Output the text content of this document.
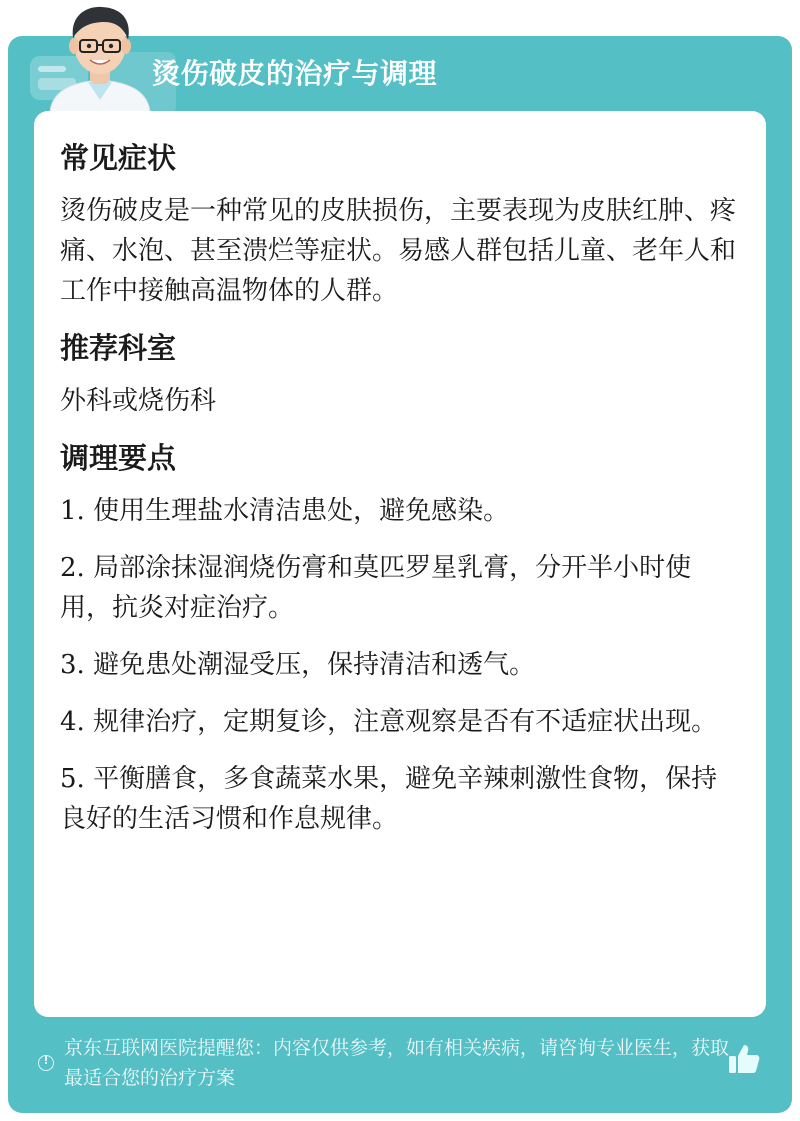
烫伤破皮的治疗与调理
常见症状

烫伤破皮是一种常见的皮肤损伤，主要表现为皮肤红肿、疼痛、水泡、甚至溃烂等症状。易感人群包括儿童、老年人和工作中接触高温物体的人群。

推荐科室

外科或烧伤科

调理要点
1. 使用生理盐水清洁患处，避免感染。
2. 局部涂抹湿润烧伤膏和莫匹罗星乳膏，分开半小时使用，抗炎对症治疗。
3. 避免患处潮湿受压，保持清洁和透气。
4. 规律治疗，定期复诊，注意观察是否有不适症状出现。
5. 平衡膳食，多食蔬菜水果，避免辛辣刺激性食物，保持良好的生活习惯和作息规律。
!
京东互联网医院提醒您：内容仅供参考，如有相关疾病，请咨询专业医生，获取最适合您的治疗方案
